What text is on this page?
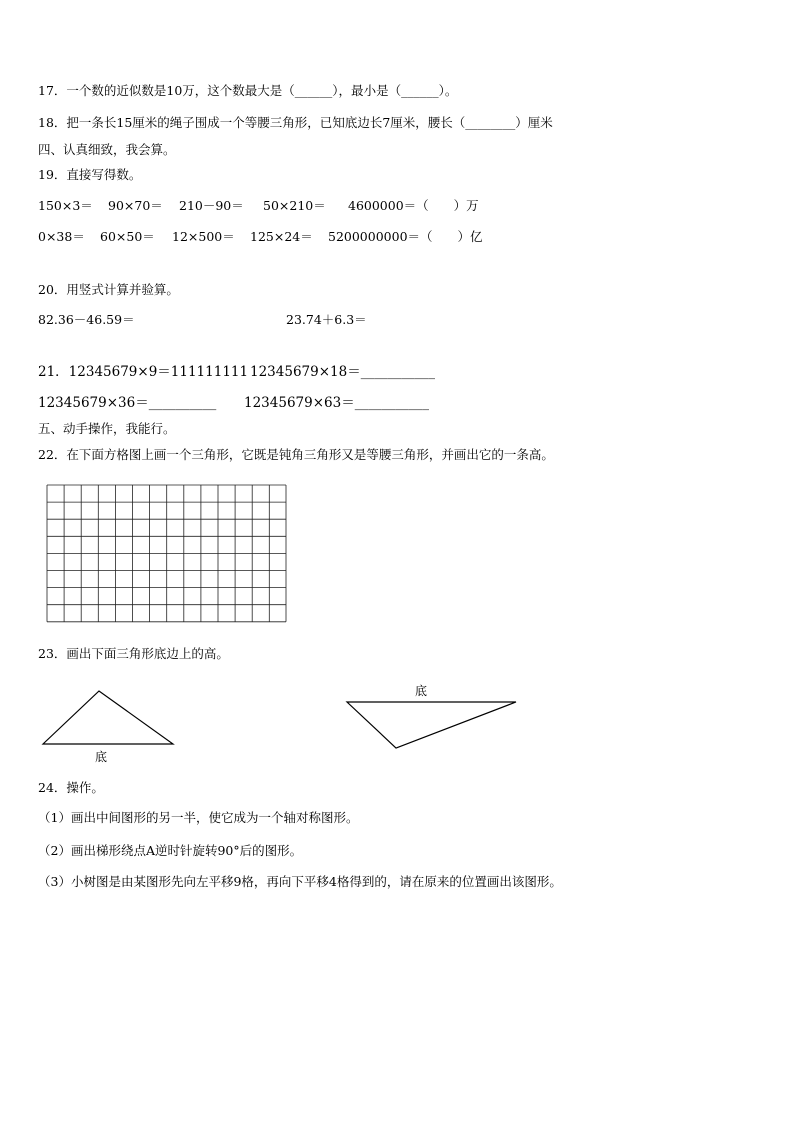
17．一个数的近似数是10万，这个数最大是（______），最小是（______）。
18．把一条长15厘米的绳子围成一个等腰三角形，已知底边长7厘米，腰长（________）厘米
四、认真细致，我会算。
19．直接写得数。
150×3＝ 90×70＝ 210－90＝ 50×210＝ 4600000＝（　　）万
0×38＝ 60×50＝ 12×500＝ 125×24＝ 5200000000＝（　　）亿
20．用竖式计算并验算。
82.36－46.59＝	23.74＋6.3＝
21．12345679×9＝111111111 12345679×18＝___________
12345679×36＝__________ 12345679×63＝___________
五、动手操作，我能行。
22．在下面方格图上画一个三角形，它既是钝角三角形又是等腰三角形，并画出它的一条高。
23．画出下面三角形底边上的高。
底
底
24．操作。
（1）画出中间图形的另一半，使它成为一个轴对称图形。
（2）画出梯形绕点A逆时针旋转90°后的图形。
（3）小树图是由某图形先向左平移9格，再向下平移4格得到的，请在原来的位置画出该图形。
